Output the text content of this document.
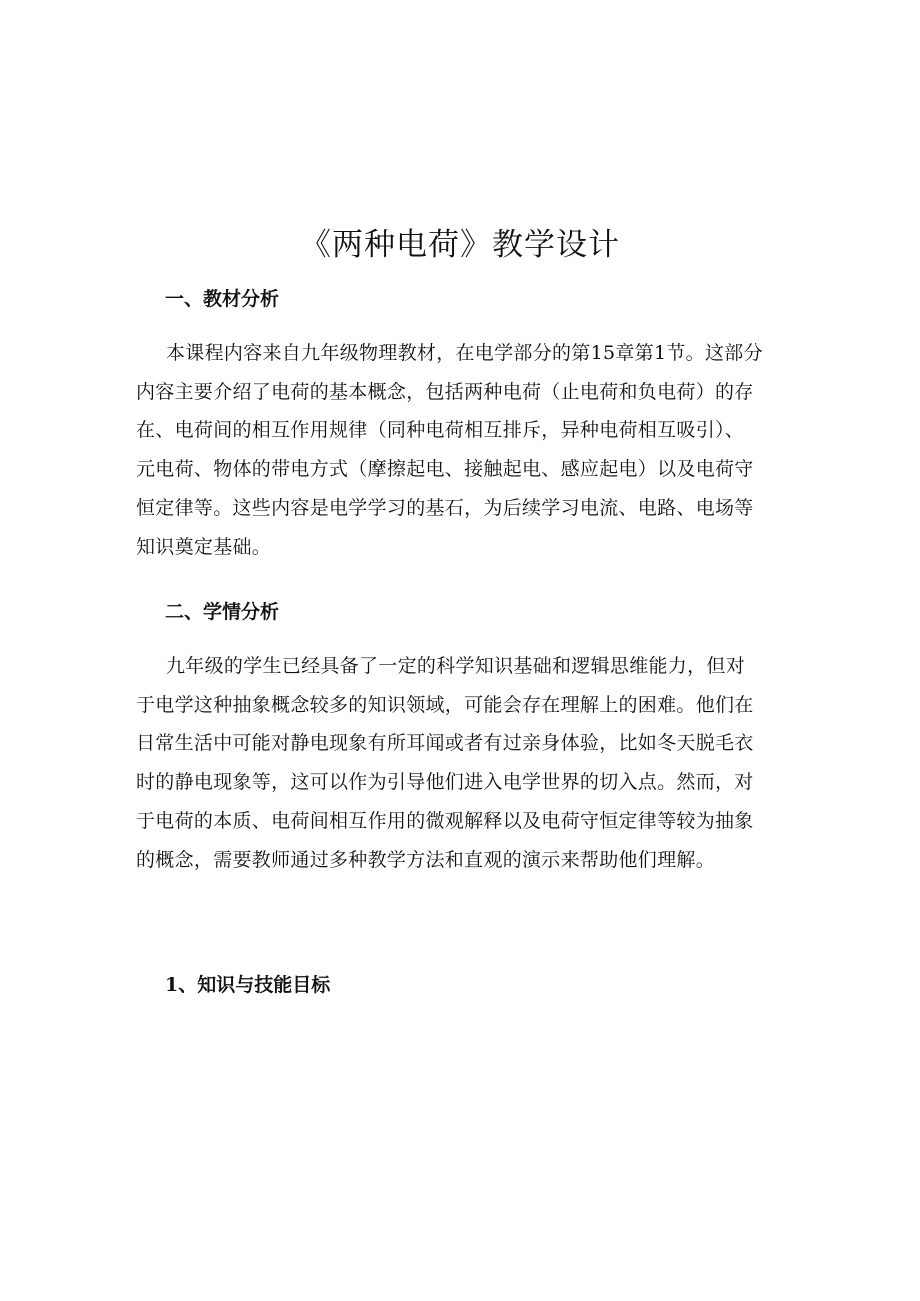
《两种电荷》教学设计
一、教材分析
本课程内容来自九年级物理教材，在电学部分的第15章第1节。这部分
内容主要介绍了电荷的基本概念，包括两种电荷（止电荷和负电荷）的存
在、电荷间的相互作用规律（同种电荷相互排斥，异种电荷相互吸引）、
元电荷、物体的带电方式（摩擦起电、接触起电、感应起电）以及电荷守
恒定律等。这些内容是电学学习的基石，为后续学习电流、电路、电场等
知识奠定基础。
二、学情分析
九年级的学生已经具备了一定的科学知识基础和逻辑思维能力，但对
于电学这种抽象概念较多的知识领域，可能会存在理解上的困难。他们在
日常生活中可能对静电现象有所耳闻或者有过亲身体验，比如冬天脱毛衣
时的静电现象等，这可以作为引导他们进入电学世界的切入点。然而，对
于电荷的本质、电荷间相互作用的微观解释以及电荷守恒定律等较为抽象
的概念，需要教师通过多种教学方法和直观的演示来帮助他们理解。
1、知识与技能目标
